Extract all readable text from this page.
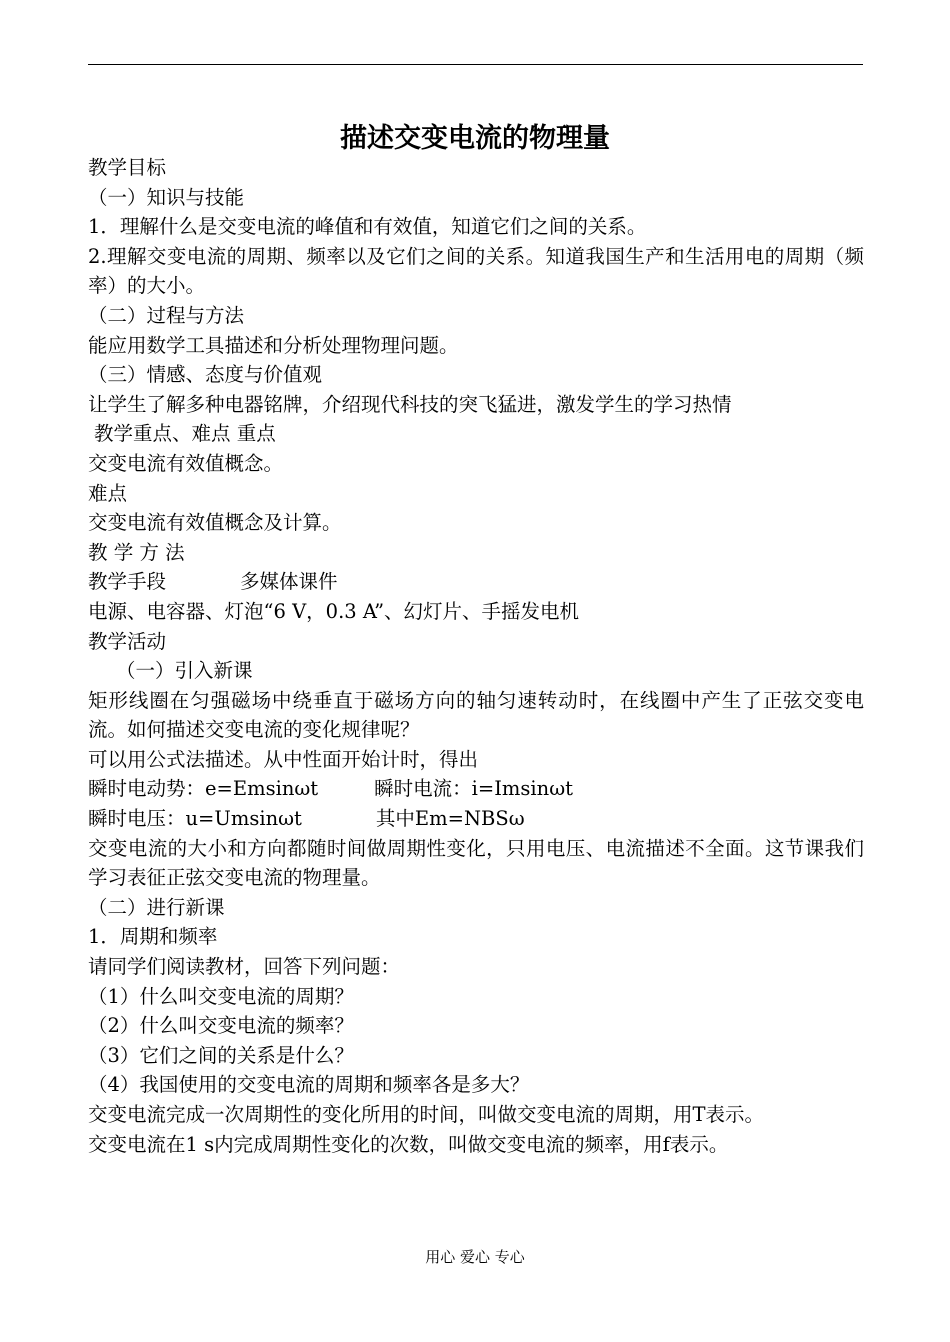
描述交变电流的物理量
教学目标
（一）知识与技能
1．理解什么是交变电流的峰值和有效值，知道它们之间的关系。
2.理解交变电流的周期、频率以及它们之间的关系。知道我国生产和生活用电的周期（频率）的大小。
（二）过程与方法
能应用数学工具描述和分析处理物理问题。
（三）情感、态度与价值观
让学生了解多种电器铭牌，介绍现代科技的突飞猛进，激发学生的学习热情
教学重点、难点 重点
交变电流有效值概念。
难点
交变电流有效值概念及计算。
教 学 方 法
教学手段	多媒体课件
电源、电容器、灯泡“6 V，0.3 A”、幻灯片、手摇发电机
教学活动
（一）引入新课
矩形线圈在匀强磁场中绕垂直于磁场方向的轴匀速转动时，在线圈中产生了正弦交变电流。如何描述交变电流的变化规律呢？
可以用公式法描述。从中性面开始计时，得出
瞬时电动势：e=Emsinωt	瞬时电流：i=Imsinωt
瞬时电压：u=Umsinωt	其中Em=NBSω
交变电流的大小和方向都随时间做周期性变化，只用电压、电流描述不全面。这节课我们学习表征正弦交变电流的物理量。
（二）进行新课
1．周期和频率
请同学们阅读教材，回答下列问题：
（1）什么叫交变电流的周期？
（2）什么叫交变电流的频率？
（3）它们之间的关系是什么？
（4）我国使用的交变电流的周期和频率各是多大？
交变电流完成一次周期性的变化所用的时间，叫做交变电流的周期，用T表示。
交变电流在1 s内完成周期性变化的次数，叫做交变电流的频率，用f表示。
用心 爱心 专心
